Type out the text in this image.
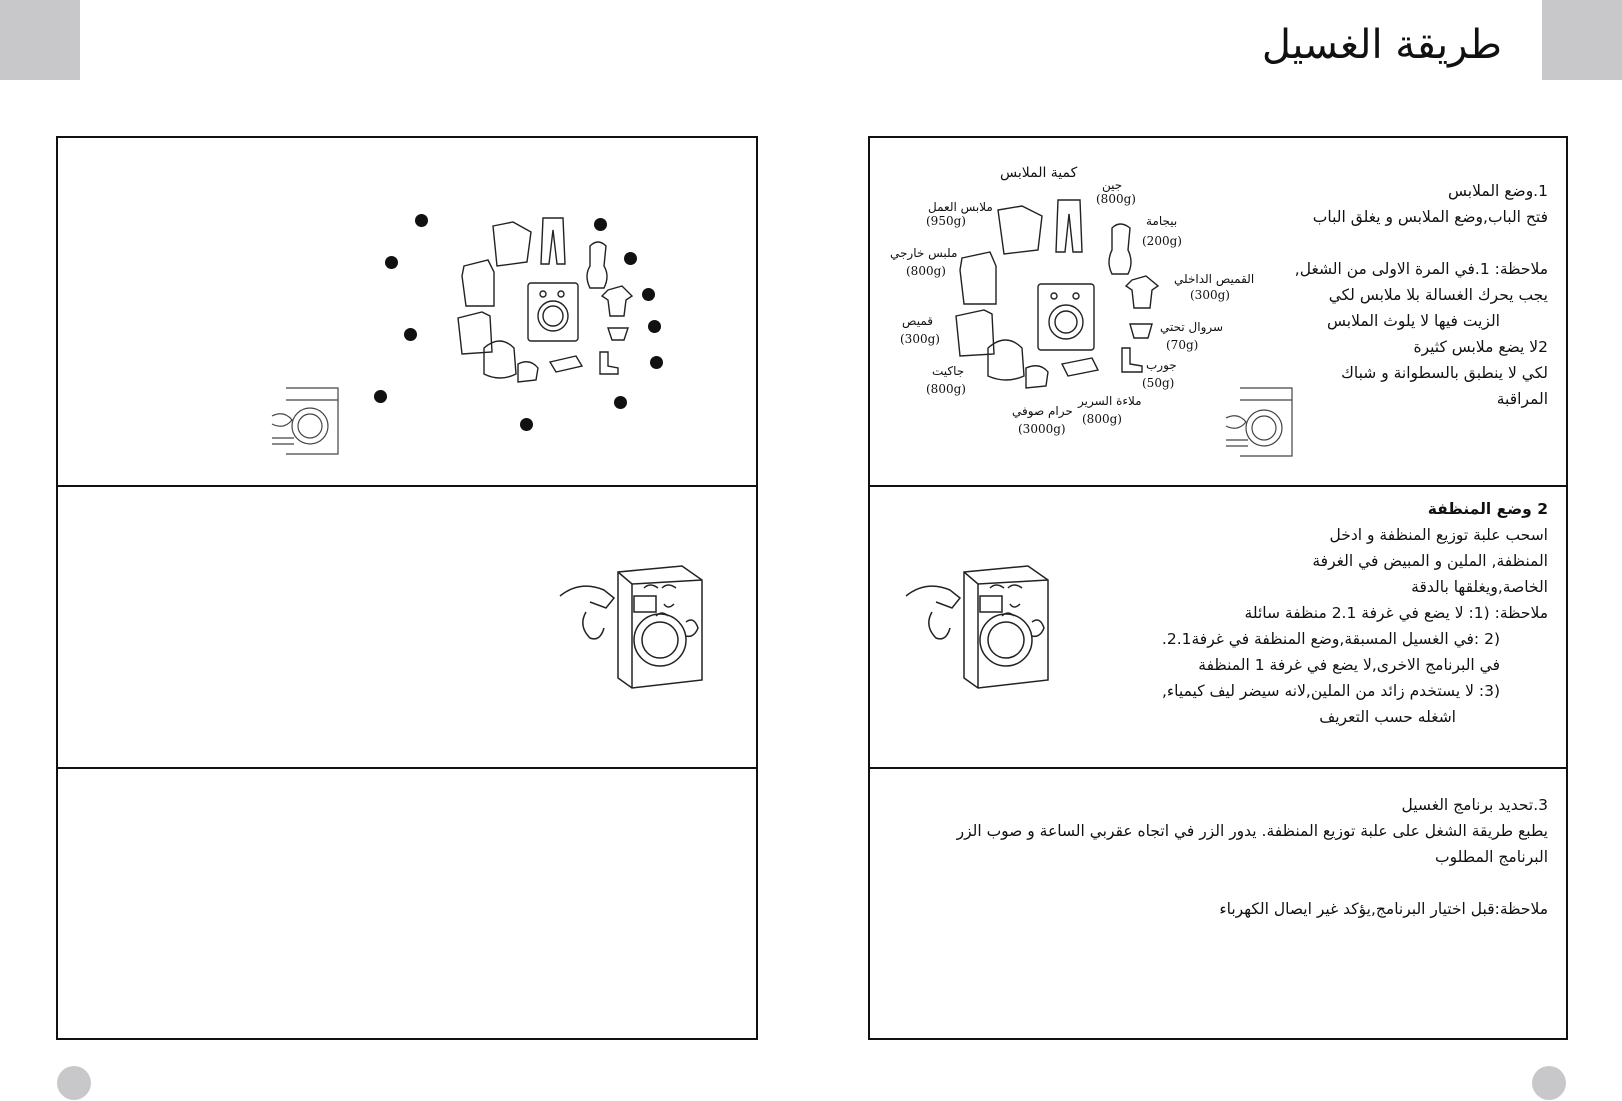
طريقة الغسيل

1.وضع الملابس

فتح الباب,وضع الملابس و يغلق الباب

ملاحظة: 1.في المرة الاولى من الشغل,

يجب يحرك الغسالة بلا ملابس لكي

الزيت فيها لا يلوث الملابس

2لا يضع ملابس كثيرة

لكي لا ينطبق بالسطوانة و شباك

المراقبة

كمية الملابس
جين
(800g)
ملابس العمل
(950g)	بيجامة
(200g)
ملبس خارجي
(800g)
القميص الداخلي
(300g)
سروال تحتي
(70g)
قميص
(300g)
جورب
(50g)
جاكيت
(800g)
ملاءة السرير
(800g)
حرام صوفي
(3000g)

2 وضع المنظفة

اسحب علبة توزيع المنظفة و ادخل

المنظفة, الملين و المبيض في الغرفة

الخاصة,ويغلقها بالدقة

ملاحظة: (1: لا يضع في غرفة 2.1 منظفة سائلة

(2 :في الغسيل المسبقة,وضع المنظفة في غرفة2.1.

في البرنامج الاخرى,لا يضع في غرفة 1 المنظفة

(3: لا يستخدم زائد من الملين,لانه سيضر ليف كيمياء,

اشغله حسب التعريف

3.تحديد برنامج الغسيل

يطبع طريقة الشغل على علبة توزيع المنظفة. يدور الزر في اتجاه عقربي الساعة و صوب الزر

البرنامج المطلوب

ملاحظة:قبل اختيار البرنامج,يؤكد غير ايصال الكهرباء
